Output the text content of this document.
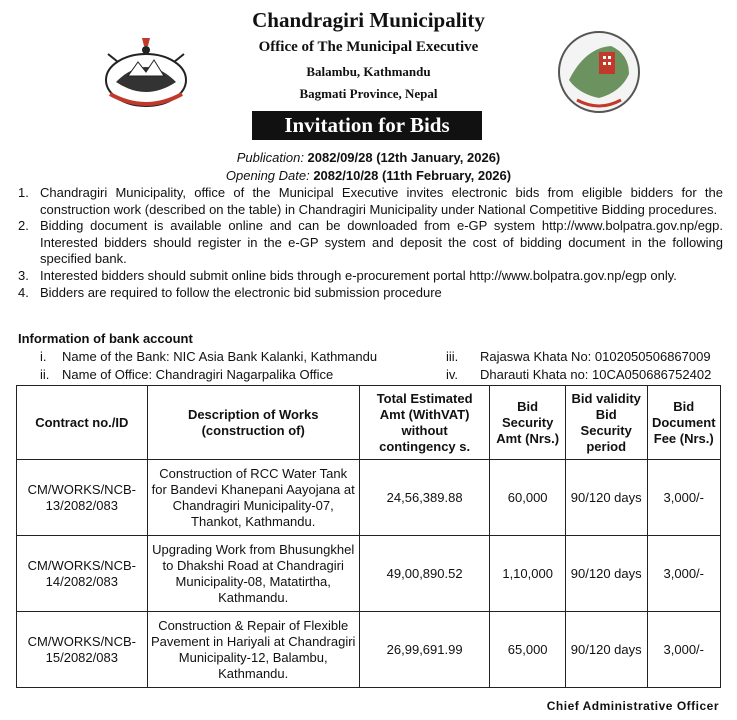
Chandragiri Municipality
Office of The Municipal Executive
Balambu, Kathmandu
Bagmati Province, Nepal
Invitation for Bids
Publication: 2082/09/28 (12th January, 2026)
Opening Date: 2082/10/28 (11th February, 2026)
1. Chandragiri Municipality, office of the Municipal Executive invites electronic bids from eligible bidders for the construction work (described on the table) in Chandragiri Municipality under National Competitive Bidding procedures.
2. Bidding document is available online and can be downloaded from e-GP system http://www.bolpatra.gov.np/egp. Interested bidders should register in the e-GP system and deposit the cost of bidding document in the following specified bank.
3. Interested bidders should submit online bids through e-procurement portal http://www.bolpatra.gov.np/egp only.
4. Bidders are required to follow the electronic bid submission procedure
Information of bank account
i. Name of the Bank: NIC Asia Bank Kalanki, Kathmandu
ii. Name of Office: Chandragiri Nagarpalika Office
iii. Rajaswa Khata No: 0102050506867009
iv. Dharauti Khata no: 10CA050686752402
Contract no./ID	Description of Works (construction of)	Total Estimated Amt (WithVAT) without contingency s.	Bid Security Amt (Nrs.)	Bid validity Bid Security period	Bid Document Fee (Nrs.)
CM/WORKS/NCB-13/2082/083	Construction of RCC Water Tank for Bandevi Khanepani Aayojana at Chandragiri Municipality-07, Thankot, Kathmandu.	24,56,389.88	60,000	90/120 days	3,000/-
CM/WORKS/NCB-14/2082/083	Upgrading Work from Bhusungkhel to Dhakshi Road at Chandragiri Municipality-08, Matatirtha, Kathmandu.	49,00,890.52	1,10,000	90/120 days	3,000/-
CM/WORKS/NCB-15/2082/083	Construction & Repair of Flexible Pavement in Hariyali at Chandragiri Municipality-12, Balambu, Kathmandu.	26,99,691.99	65,000	90/120 days	3,000/-
Chief Administrative Officer
